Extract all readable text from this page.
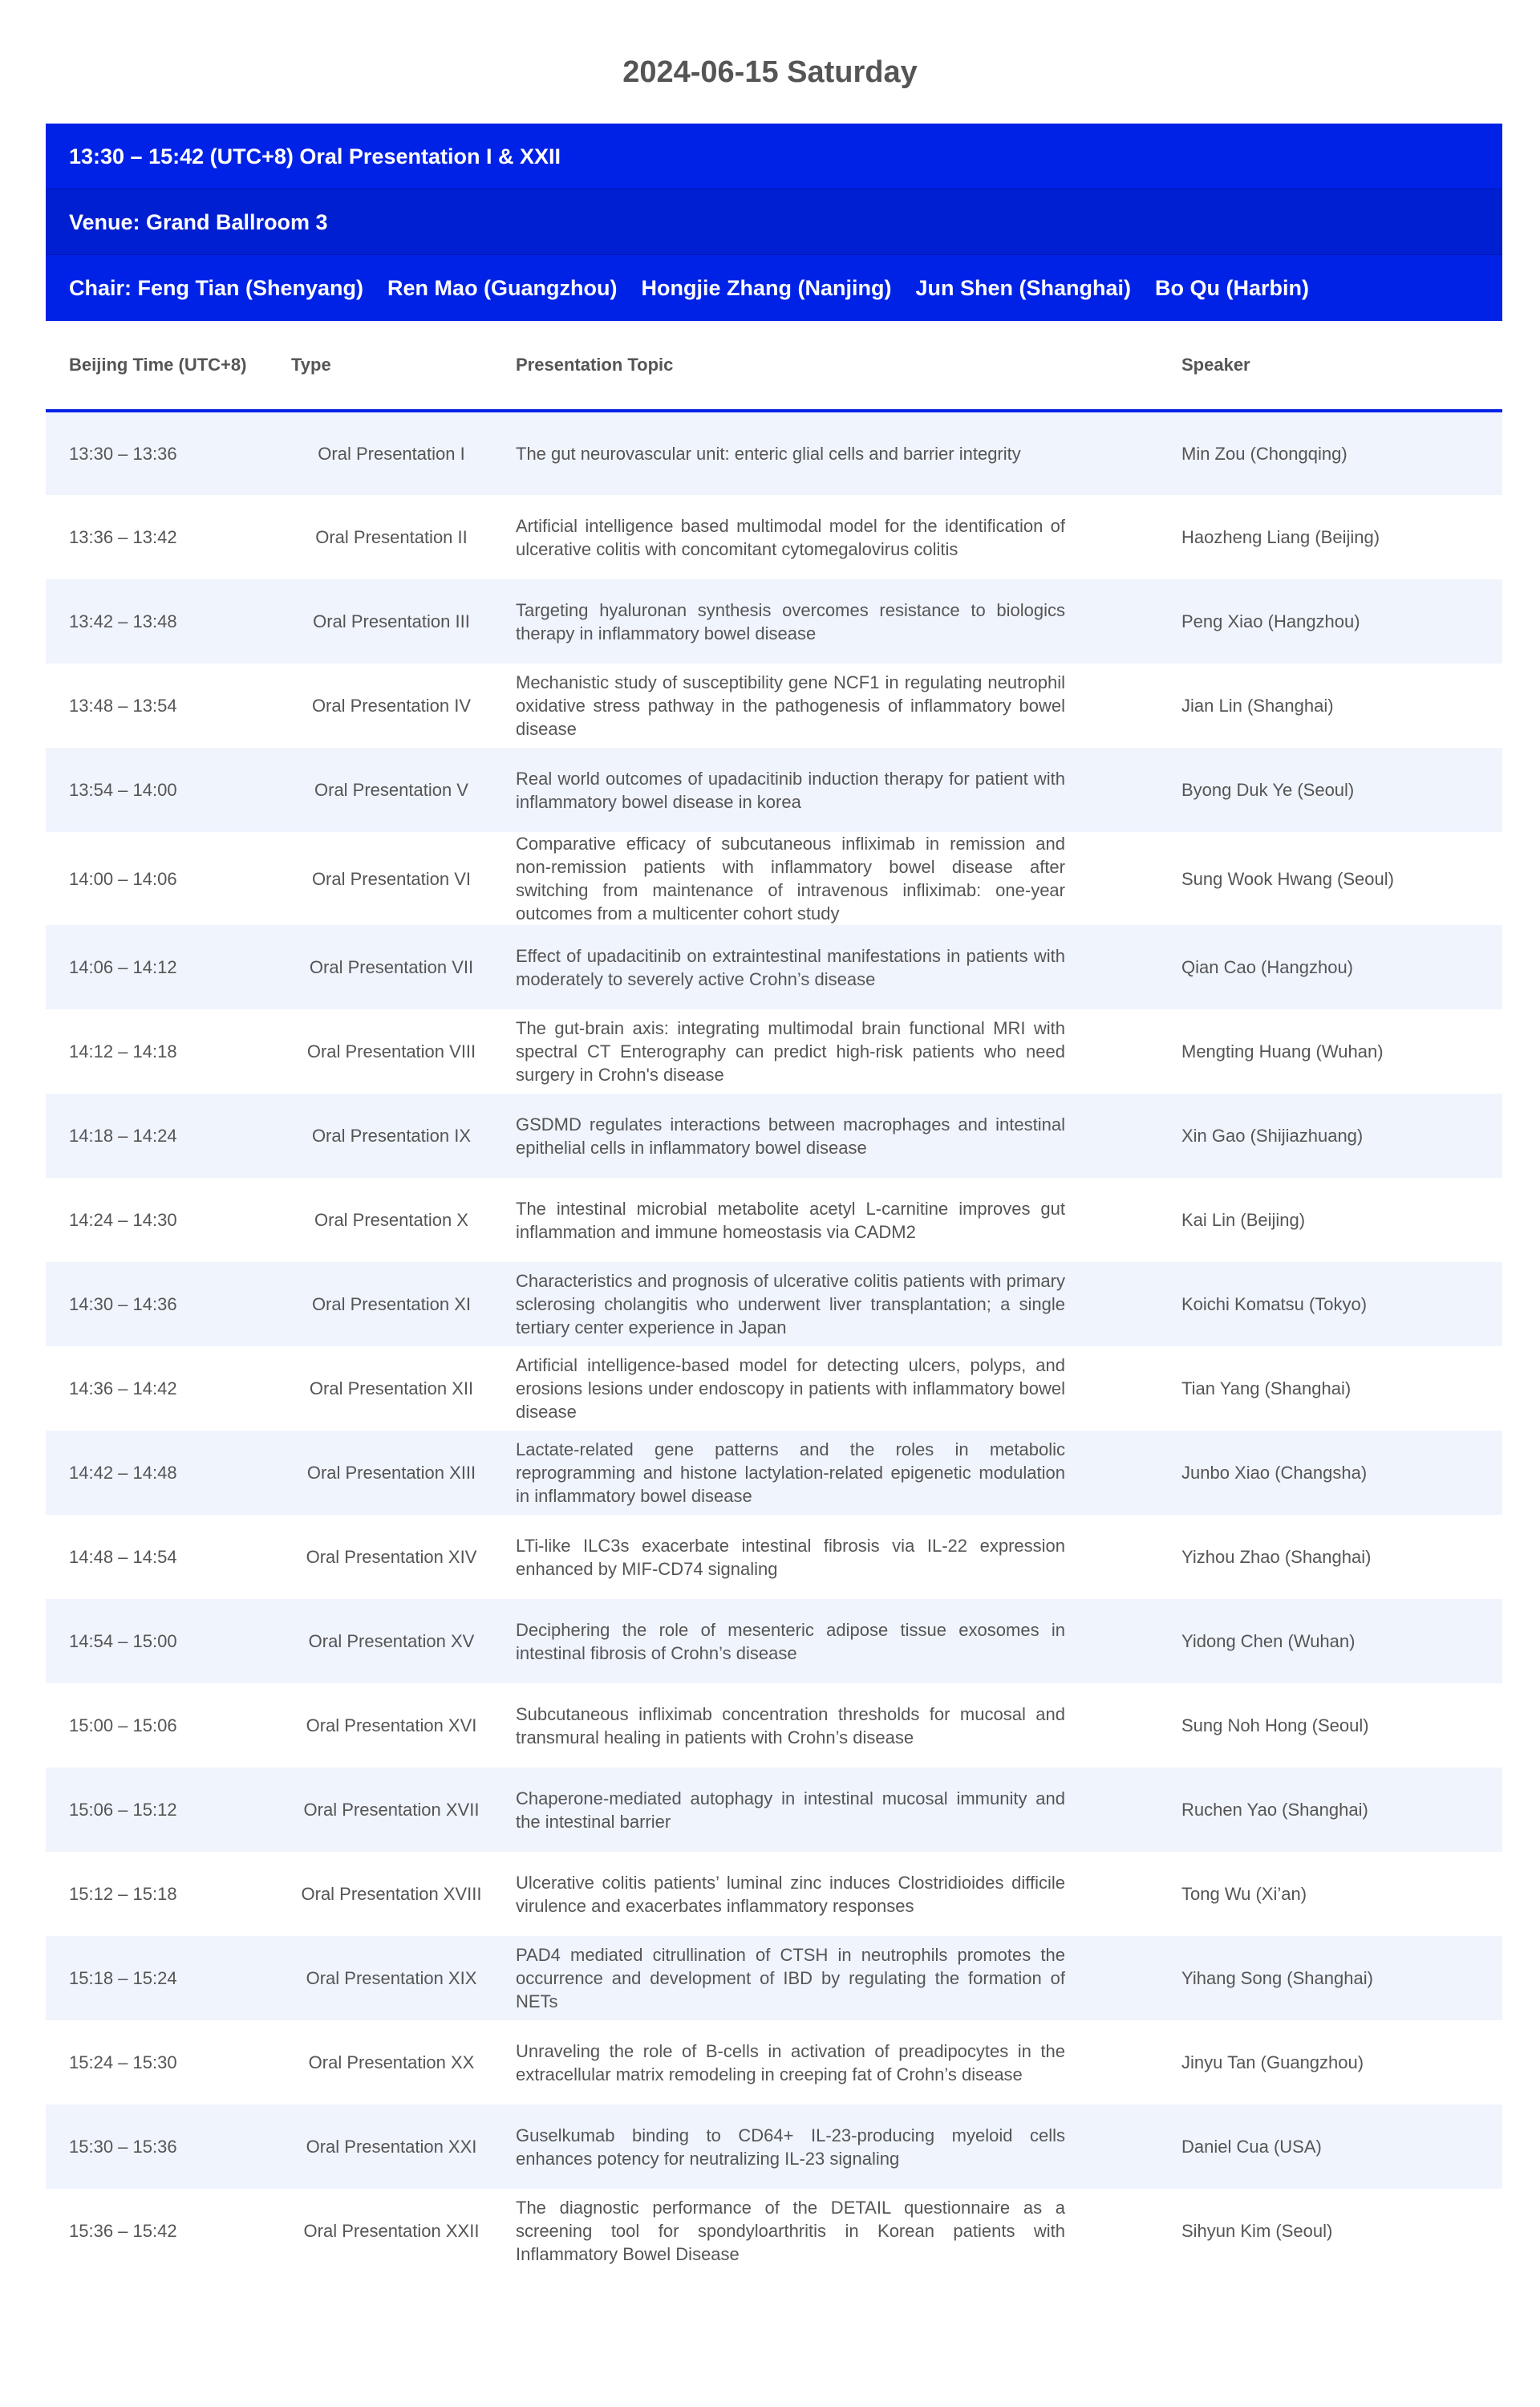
2024-06-15 Saturday
13:30 – 15:42 (UTC+8) Oral Presentation I & XXII
Venue: Grand Ballroom 3
Chair: Feng Tian (Shenyang) Ren Mao (Guangzhou) Hongjie Zhang (Nanjing) Jun Shen (Shanghai) Bo Qu (Harbin)
Beijing Time (UTC+8)	Type	Presentation Topic	Speaker
13:30 – 13:36	Oral Presentation I	The gut neurovascular unit: enteric glial cells and barrier integrity	Min Zou (Chongqing)
13:36 – 13:42	Oral Presentation II	Artificial intelligence based multimodal model for the identification of ulcerative colitis with concomitant cytomegalovirus colitis	Haozheng Liang (Beijing)
13:42 – 13:48	Oral Presentation III	Targeting hyaluronan synthesis overcomes resistance to biologics therapy in inflammatory bowel disease	Peng Xiao (Hangzhou)
13:48 – 13:54	Oral Presentation IV	Mechanistic study of susceptibility gene NCF1 in regulating neutrophil oxidative stress pathway in the pathogenesis of inflammatory bowel disease	Jian Lin (Shanghai)
13:54 – 14:00	Oral Presentation V	Real world outcomes of upadacitinib induction therapy for patient with inflammatory bowel disease in korea	Byong Duk Ye (Seoul)
14:00 – 14:06	Oral Presentation VI	Comparative efficacy of subcutaneous infliximab in remission and non-remission patients with inflammatory bowel disease after switching from maintenance of intravenous infliximab: one-year outcomes from a multicenter cohort study	Sung Wook Hwang (Seoul)
14:06 – 14:12	Oral Presentation VII	Effect of upadacitinib on extraintestinal manifestations in patients with moderately to severely active Crohn’s disease	Qian Cao (Hangzhou)
14:12 – 14:18	Oral Presentation VIII	The gut-brain axis: integrating multimodal brain functional MRI with spectral CT Enterography can predict high-risk patients who need surgery in Crohn's disease	Mengting Huang (Wuhan)
14:18 – 14:24	Oral Presentation IX	GSDMD regulates interactions between macrophages and intestinal epithelial cells in inflammatory bowel disease	Xin Gao (Shijiazhuang)
14:24 – 14:30	Oral Presentation X	The intestinal microbial metabolite acetyl L-carnitine improves gut inflammation and immune homeostasis via CADM2	Kai Lin (Beijing)
14:30 – 14:36	Oral Presentation XI	Characteristics and prognosis of ulcerative colitis patients with primary sclerosing cholangitis who underwent liver transplantation; a single tertiary center experience in Japan	Koichi Komatsu (Tokyo)
14:36 – 14:42	Oral Presentation XII	Artificial intelligence-based model for detecting ulcers, polyps, and erosions lesions under endoscopy in patients with inflammatory bowel disease	Tian Yang (Shanghai)
14:42 – 14:48	Oral Presentation XIII	Lactate-related gene patterns and the roles in metabolic reprogramming and histone lactylation-related epigenetic modulation in inflammatory bowel disease	Junbo Xiao (Changsha)
14:48 – 14:54	Oral Presentation XIV	LTi-like ILC3s exacerbate intestinal fibrosis via IL-22 expression enhanced by MIF-CD74 signaling	Yizhou Zhao (Shanghai)
14:54 – 15:00	Oral Presentation XV	Deciphering the role of mesenteric adipose tissue exosomes in intestinal fibrosis of Crohn’s disease	Yidong Chen (Wuhan)
15:00 – 15:06	Oral Presentation XVI	Subcutaneous infliximab concentration thresholds for mucosal and transmural healing in patients with Crohn’s disease	Sung Noh Hong (Seoul)
15:06 – 15:12	Oral Presentation XVII	Chaperone-mediated autophagy in intestinal mucosal immunity and the intestinal barrier	Ruchen Yao (Shanghai)
15:12 – 15:18	Oral Presentation XVIII	Ulcerative colitis patients’ luminal zinc induces Clostridioides difficile virulence and exacerbates inflammatory responses	Tong Wu (Xi’an)
15:18 – 15:24	Oral Presentation XIX	PAD4 mediated citrullination of CTSH in neutrophils promotes the occurrence and development of IBD by regulating the formation of NETs	Yihang Song (Shanghai)
15:24 – 15:30	Oral Presentation XX	Unraveling the role of B-cells in activation of preadipocytes in the extracellular matrix remodeling in creeping fat of Crohn’s disease	Jinyu Tan (Guangzhou)
15:30 – 15:36	Oral Presentation XXI	Guselkumab binding to CD64+ IL-23-producing myeloid cells enhances potency for neutralizing IL-23 signaling	Daniel Cua (USA)
15:36 – 15:42	Oral Presentation XXII	The diagnostic performance of the DETAIL questionnaire as a screening tool for spondyloarthritis in Korean patients with Inflammatory Bowel Disease	Sihyun Kim (Seoul)
